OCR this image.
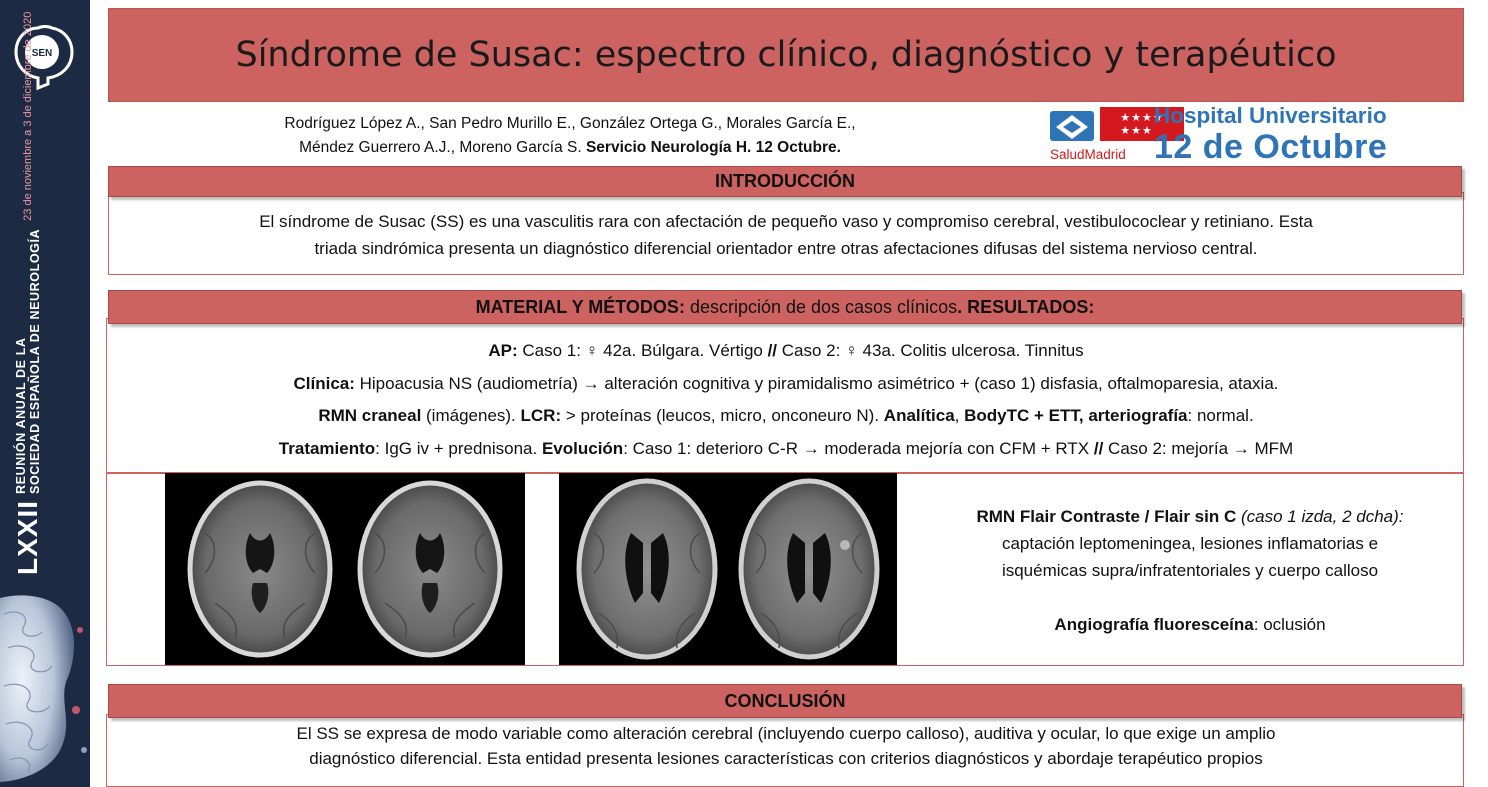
SEN
LXXIIREUNIÓN ANUAL DE LA
SOCIEDAD ESPAÑOLA DE NEUROLOGÍA23 de noviembre a 3 de diciembre de 2020	Síndrome de Susac: espectro clínico, diagnóstico y terapéutico
Rodríguez López A., San Pedro Murillo E., González Ortega G., Morales García E.,
Méndez Guerrero A.J., Moreno García S. Servicio Neurología H. 12 Octubre.
★★★★
★★★
SaludMadrid
Hospital Universitario
12 de Octubre
INTRODUCCIÓN
El síndrome de Susac (SS) es una vasculitis rara con afectación de pequeño vaso y compromiso cerebral, vestibulococlear y retiniano. Esta
triada sindrómica presenta un diagnóstico diferencial orientador entre otras afectaciones difusas del sistema nervioso central.
MATERIAL Y MÉTODOS: descripción de dos casos clínicos. RESULTADOS:
AP: Caso 1: ♀ 42a. Búlgara. Vértigo // Caso 2: ♀ 43a. Colitis ulcerosa. Tinnitus
Clínica: Hipoacusia NS (audiometría) → alteración cognitiva y piramidalismo asimétrico + (caso 1) disfasia, oftalmoparesia, ataxia.
RMN craneal (imágenes). LCR: > proteínas (leucos, micro, onconeuro N). Analítica, BodyTC + ETT, arteriografía: normal.
Tratamiento: IgG iv + prednisona. Evolución: Caso 1: deterioro C-R → moderada mejoría con CFM + RTX // Caso 2: mejoría → MFM
RMN Flair Contraste / Flair sin C (caso 1 izda, 2 dcha):
captación leptomeningea, lesiones inflamatorias e
isquémicas supra/infratentoriales y cuerpo calloso
Angiografía fluoresceína: oclusión
CONCLUSIÓN
El SS se expresa de modo variable como alteración cerebral (incluyendo cuerpo calloso), auditiva y ocular, lo que exige un amplio
diagnóstico diferencial. Esta entidad presenta lesiones características con criterios diagnósticos y abordaje terapéutico propios
